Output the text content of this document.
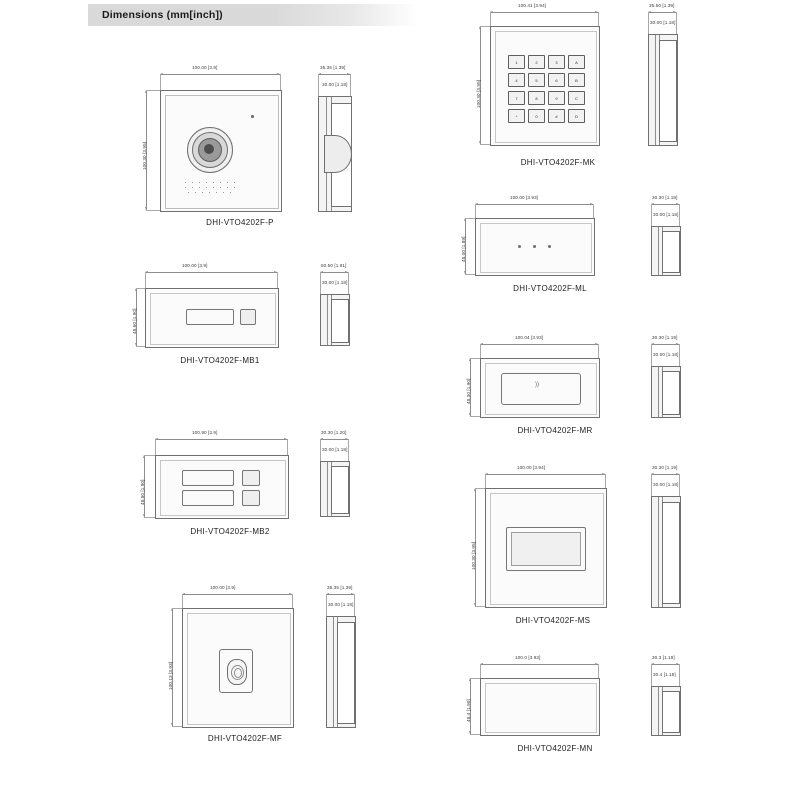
Dimensions (mm[inch])
100.00 [3.9]
100.30 [3.95]
35.35 [1.39]
30.00 [1.18]
DHI-VTO4202F-P
100.00 [3.9]
48.60 [1.90]
50.50 [1.91]
30.00 [1.18]
DHI-VTO4202F-MB1
100.90 [3.9]
48.80 [1.90]
30.30 [1.20]
30.00 [1.18]
DHI-VTO4202F-MB2
100.00 [3.9]
100.13 [3.93]
35.35 [1.39]
30.00 [1.18]
DHI-VTO4202F-MF
100.41 [3.94]
100.30 [3.95]
1	2	3	A
4	5	6	B
7	8	9	C
*	0	#	D
35.50 [1.39]
30.00 [1.18]
DHI-VTO4202F-MK
100.00 [3.93]
48.00 [1.89]
30.30 [1.19]
30.00 [1.18]
DHI-VTO4202F-ML
100.04 [3.93]
48.30 [1.90]	))
30.30 [1.19]
30.00 [1.18]
DHI-VTO4202F-MR
100.00 [3.94]
100.30 [3.95]
30.30 [1.19]
30.00 [1.18]
DHI-VTO4202F-MS
100.0 [3.93]
48.4 [1.90]
30.3 [1.19]
30.4 [1.19]
DHI-VTO4202F-MN
